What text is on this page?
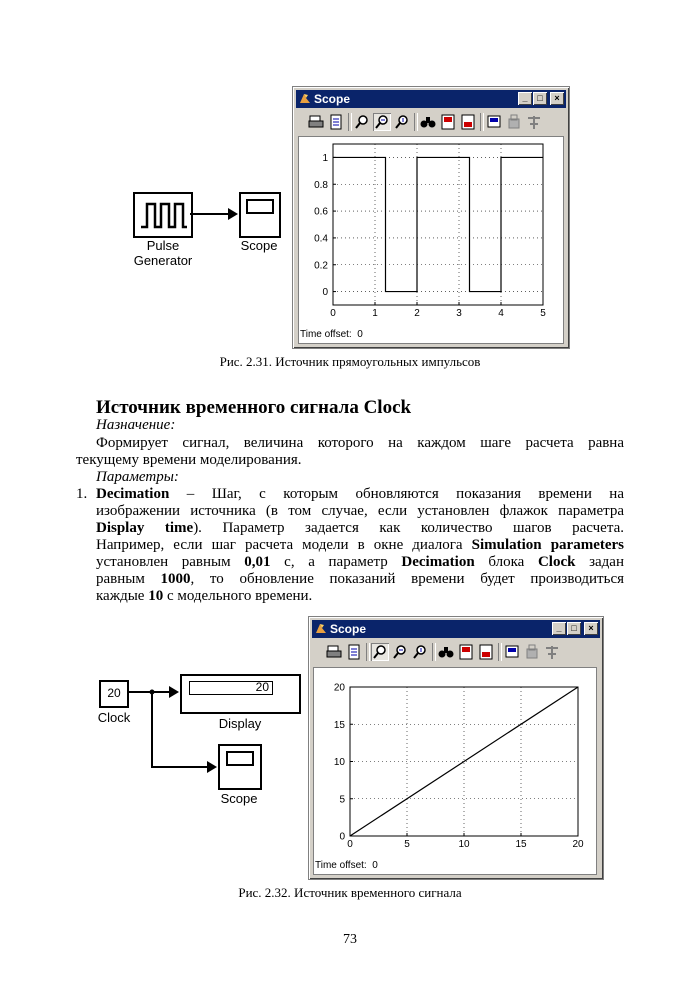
Pulse
Generator
Scope
Scope	_	□	×
0	1	2	3	4	5
0
0.2
0.4
0.6
0.8
1
Time offset: 0
Рис. 2.31. Источник прямоугольных импульсов
Источник временного сигнала Clock
Назначение:
Формирует сигнал, величина которого на каждом шаге расчета равна
текущему времени моделирования.
Параметры:
1. Decimation – Шаг, с которым обновляются показания времени на
изображении источника (в том случае, если установлен флажок параметра
Display time). Параметр задается как количество шагов расчета.
Например, если шаг расчета модели в окне диалога Simulation parameters
установлен равным 0,01 с, а параметр Decimation блока Clock задан
равным 1000, то обновление показаний времени будет производиться
каждые 10 с модельного времени.
20
Clock
20
Display
Scope
Scope	_	□	×
0	5	10	15	20
0
5
10
15
20
Time offset: 0
Рис. 2.32. Источник временного сигнала
73
